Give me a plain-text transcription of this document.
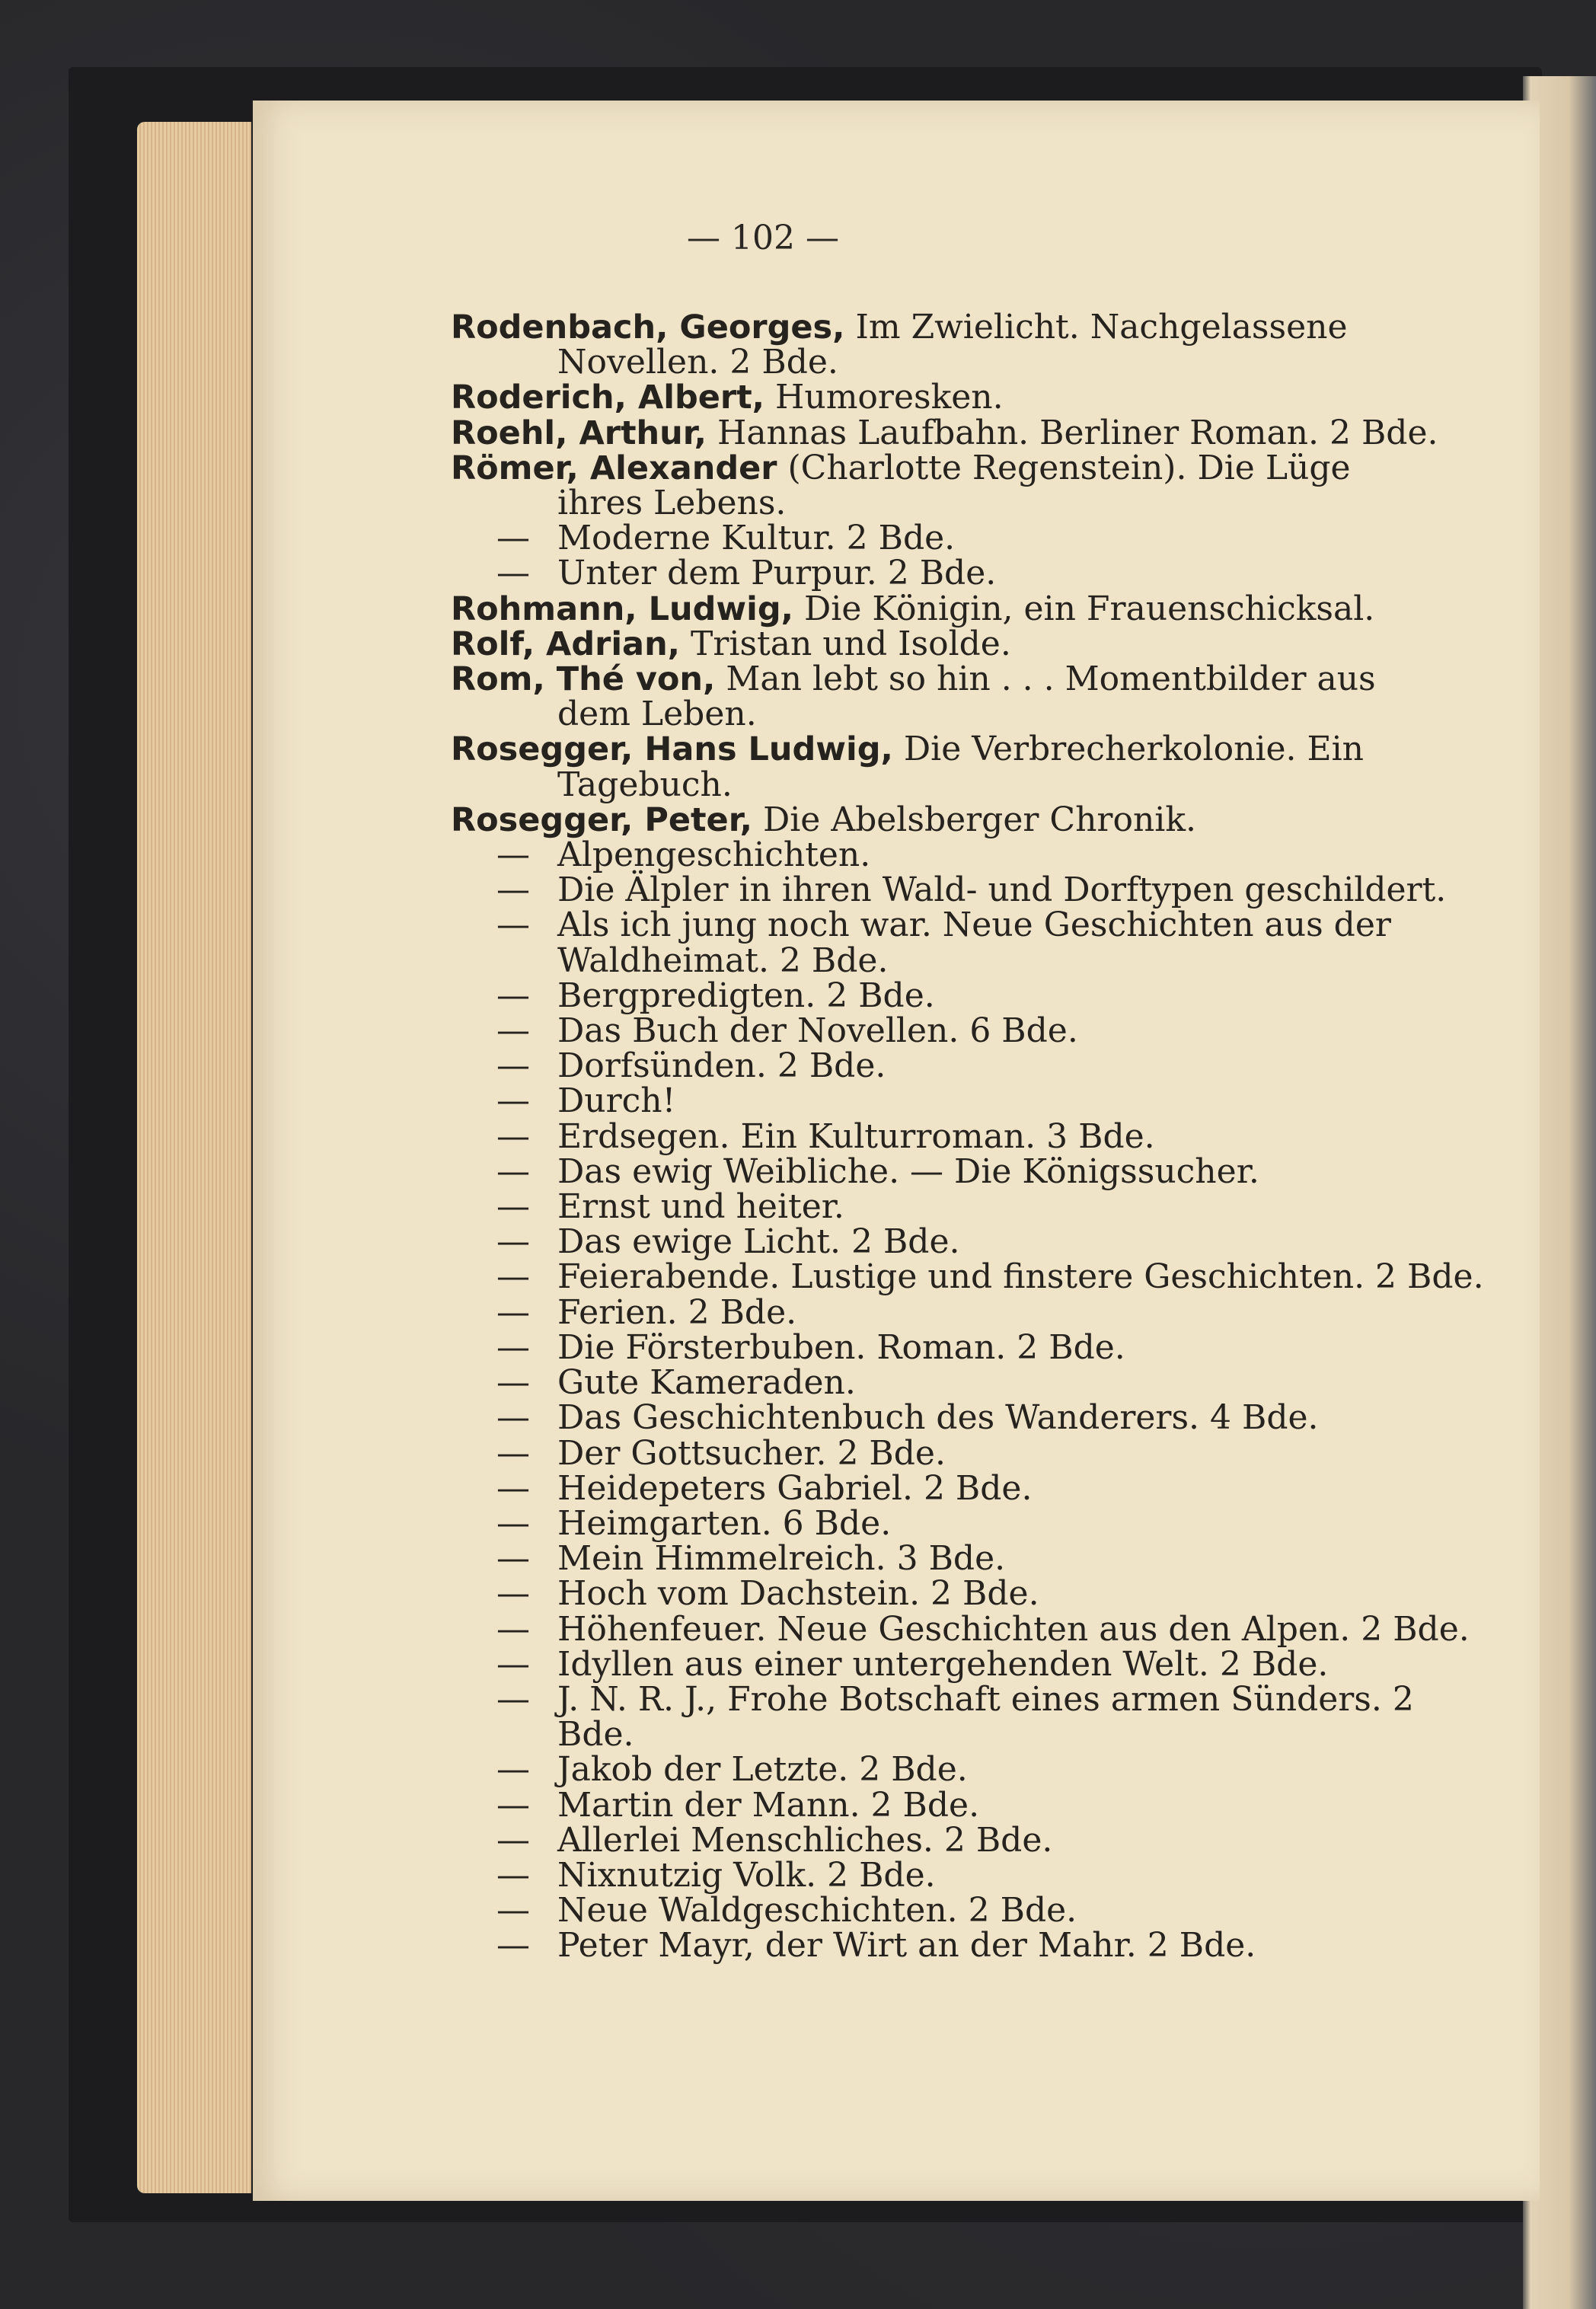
— 102 —
Rodenbach, Georges, Im Zwielicht. Nachgelassene
Novellen. 2 Bde.
Roderich, Albert, Humoresken.
Roehl, Arthur, Hannas Laufbahn. Berliner Roman. 2 Bde.
Römer, Alexander (Charlotte Regenstein). Die Lüge
ihres Lebens.
— Moderne Kultur. 2 Bde.
— Unter dem Purpur. 2 Bde.
Rohmann, Ludwig, Die Königin, ein Frauenschicksal.
Rolf, Adrian, Tristan und Isolde.
Rom, Thé von, Man lebt so hin . . . Momentbilder aus
dem Leben.
Rosegger, Hans Ludwig, Die Verbrecherkolonie. Ein
Tagebuch.
Rosegger, Peter, Die Abelsberger Chronik.
— Alpengeschichten.
— Die Älpler in ihren Wald- und Dorftypen geschildert.
— Als ich jung noch war. Neue Geschichten aus der
Waldheimat. 2 Bde.
— Bergpredigten. 2 Bde.
— Das Buch der Novellen. 6 Bde.
— Dorfsünden. 2 Bde.
— Durch!
— Erdsegen. Ein Kulturroman. 3 Bde.
— Das ewig Weibliche. — Die Königssucher.
— Ernst und heiter.
— Das ewige Licht. 2 Bde.
— Feierabende. Lustige und finstere Geschichten. 2 Bde.
— Ferien. 2 Bde.
— Die Försterbuben. Roman. 2 Bde.
— Gute Kameraden.
— Das Geschichtenbuch des Wanderers. 4 Bde.
— Der Gottsucher. 2 Bde.
— Heidepeters Gabriel. 2 Bde.
— Heimgarten. 6 Bde.
— Mein Himmelreich. 3 Bde.
— Hoch vom Dachstein. 2 Bde.
— Höhenfeuer. Neue Geschichten aus den Alpen. 2 Bde.
— Idyllen aus einer untergehenden Welt. 2 Bde.
— J. N. R. J., Frohe Botschaft eines armen Sünders. 2 Bde.
— Jakob der Letzte. 2 Bde.
— Martin der Mann. 2 Bde.
— Allerlei Menschliches. 2 Bde.
— Nixnutzig Volk. 2 Bde.
— Neue Waldgeschichten. 2 Bde.
— Peter Mayr, der Wirt an der Mahr. 2 Bde.
